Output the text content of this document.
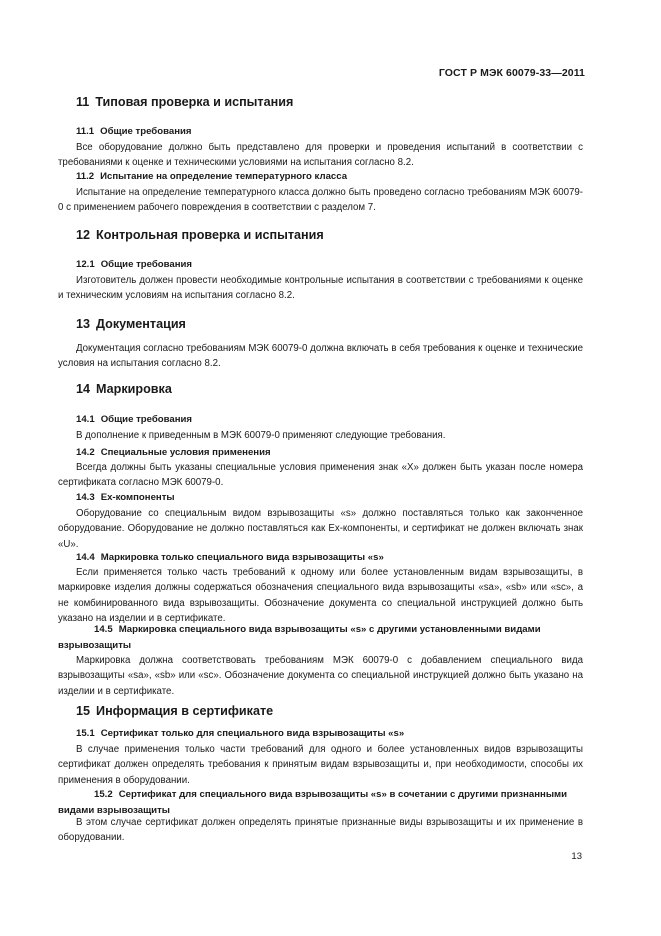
ГОСТ Р МЭК 60079-33—2011
11 Типовая проверка и испытания
11.1 Общие требования
Все оборудование должно быть представлено для проверки и проведения испытаний в соответствии с требованиями к оценке и техническими условиями на испытания согласно 8.2.
11.2 Испытание на определение температурного класса
Испытание на определение температурного класса должно быть проведено согласно требованиям МЭК 60079-0 с применением рабочего повреждения в соответствии с разделом 7.
12 Контрольная проверка и испытания
12.1 Общие требования
Изготовитель должен провести необходимые контрольные испытания в соответствии с требованиями к оценке и техническим условиям на испытания согласно 8.2.
13 Документация
Документация согласно требованиям МЭК 60079-0 должна включать в себя требования к оценке и технические условия на испытания согласно 8.2.
14 Маркировка
14.1 Общие требования
В дополнение к приведенным в МЭК 60079-0 применяют следующие требования.
14.2 Специальные условия применения
Всегда должны быть указаны специальные условия применения знак «X» должен быть указан после номера сертификата согласно МЭК 60079-0.
14.3 Ex-компоненты
Оборудование со специальным видом взрывозащиты «s» должно поставляться только как законченное оборудование. Оборудование не должно поставляться как Ex-компоненты, и сертификат не должен включать знак «U».
14.4 Маркировка только специального вида взрывозащиты «s»
Если применяется только часть требований к одному или более установленным видам взрывозащиты, в маркировке изделия должны содержаться обозначения специального вида взрывозащиты «sa», «sb» или «sc», а не комбинированного вида взрывозащиты. Обозначение документа со специальной инструкцией должно быть указано на изделии и в сертификате.
14.5 Маркировка специального вида взрывозащиты «s» с другими установленными видами взрывозащиты
Маркировка должна соответствовать требованиям МЭК 60079-0 с добавлением специального вида взрывозащиты «sa», «sb» или «sc». Обозначение документа со специальной инструкцией должно быть указано на изделии и в сертификате.
15 Информация в сертификате
15.1 Сертификат только для специального вида взрывозащиты «s»
В случае применения только части требований для одного и более установленных видов взрывозащиты сертификат должен определять требования к принятым видам взрывозащиты и, при необходимости, способы их применения в оборудовании.
15.2 Сертификат для специального вида взрывозащиты «s» в сочетании с другими признанными видами взрывозащиты
В этом случае сертификат должен определять принятые признанные виды взрывозащиты и их применение в оборудовании.
13
